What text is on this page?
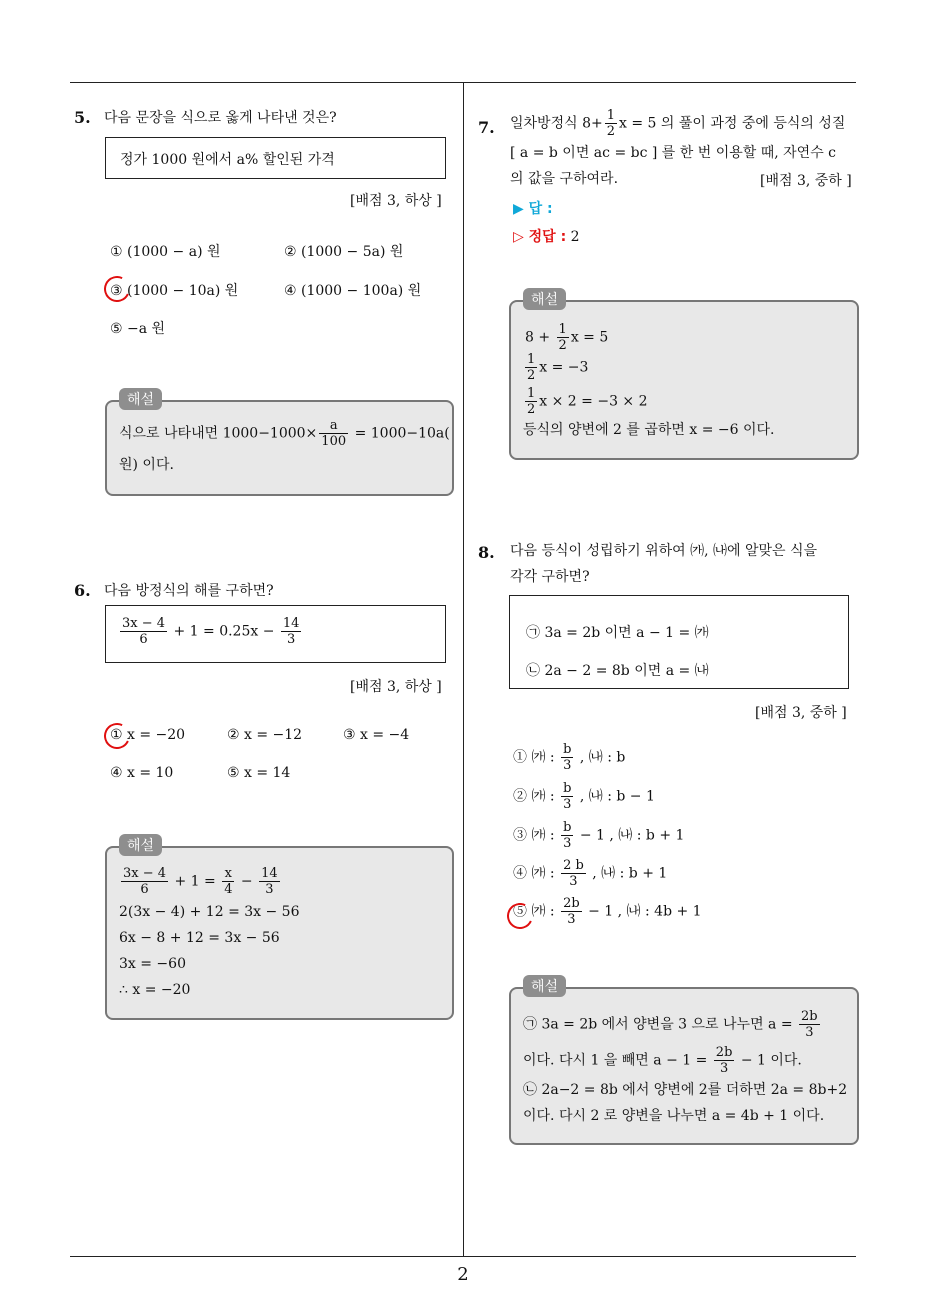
2
5. 다음 문장을 식으로 옳게 나타낸 것은?
정가 1000 원에서 a% 할인된 가격
[배점 3, 하상 ]
① (1000 − a) 원	② (1000 − 5a) 원
③ (1000 − 10a) 원	④ (1000 − 100a) 원
⑤ −a 원
식으로 나타내면 $1000-1000\times \frac{a}{100} = 1000-10a$(
원) 이다.
해설
6. 다음 방정식의 해를 구하면?
$\frac{3x - 4}{6} + 1 = 0.25x - \frac{14}{3}$
[배점 3, 하상 ]
① x = −20	② x = −12	③ x = −4
④ x = 10	⑤ x = 14
$\frac{3x - 4}{6} + 1 = \frac{x}{4} - \frac{14}{3}$
2(3x − 4) + 12 = 3x − 56
6x − 8 + 12 = 3x − 56
3x = −60
∴ x = −20
해설
7. 일차방정식 $8+ \frac{1}{2}$ x = 5 의 풀이 과정 중에 등식의 성질
[ a = b 이면 ac = bc ] 를 한 번 이용할 때, 자연수 c
의 값을 구하여라.	[배점 3, 중하 ]
▶ 답 :
▷ 정답 : 2
$8 + \frac{1}{2}$ x = 5
$\frac{1}{2}$ x = −3
$\frac{1}{2}$ x × 2 = −3 × 2
등식의 양변에 2 를 곱하면 x = −6 이다.
해설
8. 다음 등식이 성립하기 위하여 ㈎, ㈏에 알맞은 식을
각각 구하면?
㉠ 3a = 2b 이면 a − 1 = ㈎
㉡ 2a − 2 = 8b 이면 a = ㈏
[배점 3, 중하 ]
① ㈎ : $\frac{b}{3}$ , ㈏ : b
② ㈎ : $\frac{b}{3}$ , ㈏ : b − 1
③ ㈎ : $\frac{b}{3} - 1$ , ㈏ : b + 1
④ ㈎ : $\frac{2 b}{3}$ , ㈏ : b + 1
⑤ ㈎ : $\frac{2b}{3} - 1$ , ㈏ : 4b + 1
㉠ 3a = 2b 에서 양변을 3 으로 나누면 $a = \frac{2b}{3}$
이다. 다시 1 을 빼면 $a - 1 = \frac{2b}{3} - 1$ 이다.
㉡ 2a−2 = 8b 에서 양변에 2를 더하면 2a = 8b+2
이다. 다시 2 로 양변을 나누면 a = 4b + 1 이다.
해설
